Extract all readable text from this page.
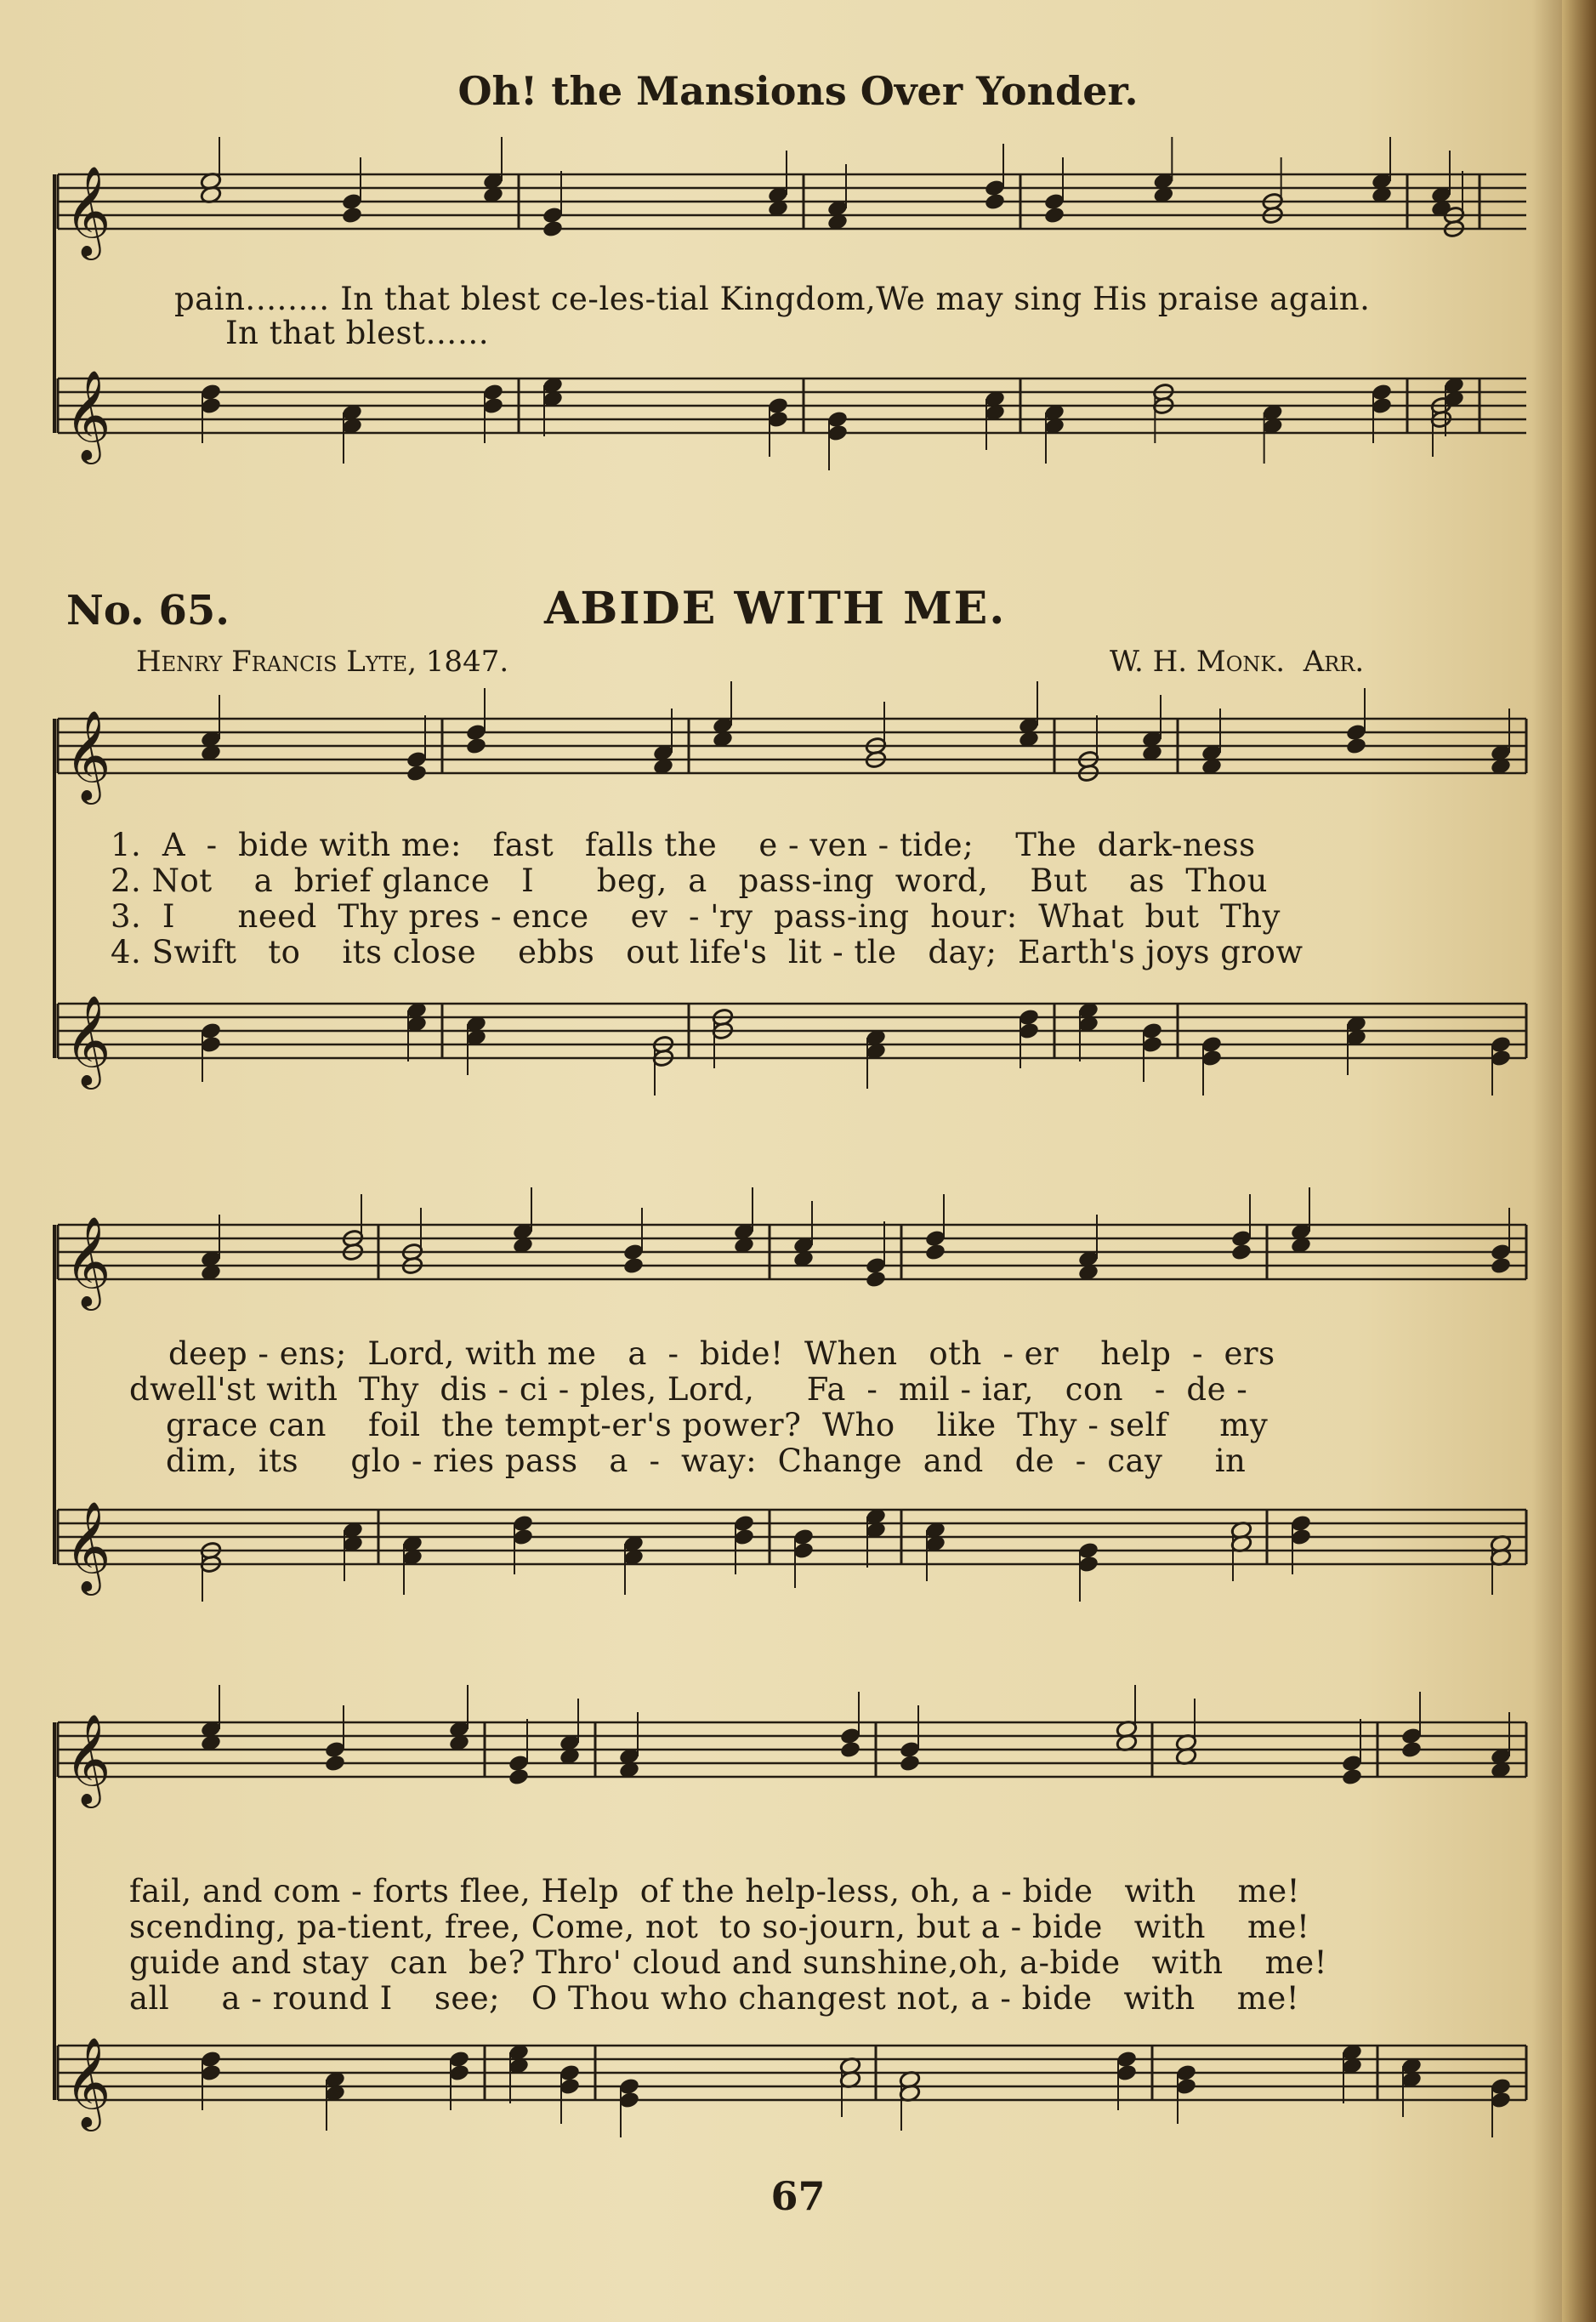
Oh! the Mansions Over Yonder.
𝄞
𝄞
𝄞
𝄞
𝄞
𝄞
𝄞
𝄞
pain.….… In that blest ce-les-tial Kingdom,We may sing His praise again.
In that blest……
No. 65.	ABIDE WITH ME.
Henry Francis Lyte, 1847.	W. H. Monk.  Arr.
1.  A  -  bide with me:   fast   falls the    e - ven - tide;    The  dark-ness
2. Not    a  brief glance   I      beg,  a   pass-ing  word,    But    as  Thou
3.  I      need  Thy pres - ence    ev  - 'ry  pass-ing  hour:  What  but  Thy
4. Swift   to    its close    ebbs   out life's  lit - tle   day;  Earth's joys grow
deep - ens;  Lord, with me   a  -  bide!  When   oth  - er    help  -  ers
dwell'st with  Thy  dis - ci - ples, Lord,     Fa  -  mil - iar,   con   -  de -
grace can    foil  the tempt-er's power?  Who    like  Thy - self     my
dim,  its     glo - ries pass   a  -  way:  Change  and   de  -  cay     in
fail, and com - forts flee, Help  of the help-less, oh, a - bide   with    me!
scending, pa-tient, free, Come, not  to so-journ, but a - bide   with    me!
guide and stay  can  be? Thro' cloud and sunshine,oh, a-bide   with    me!
all     a - round I    see;   O Thou who changest not, a - bide   with    me!
67
